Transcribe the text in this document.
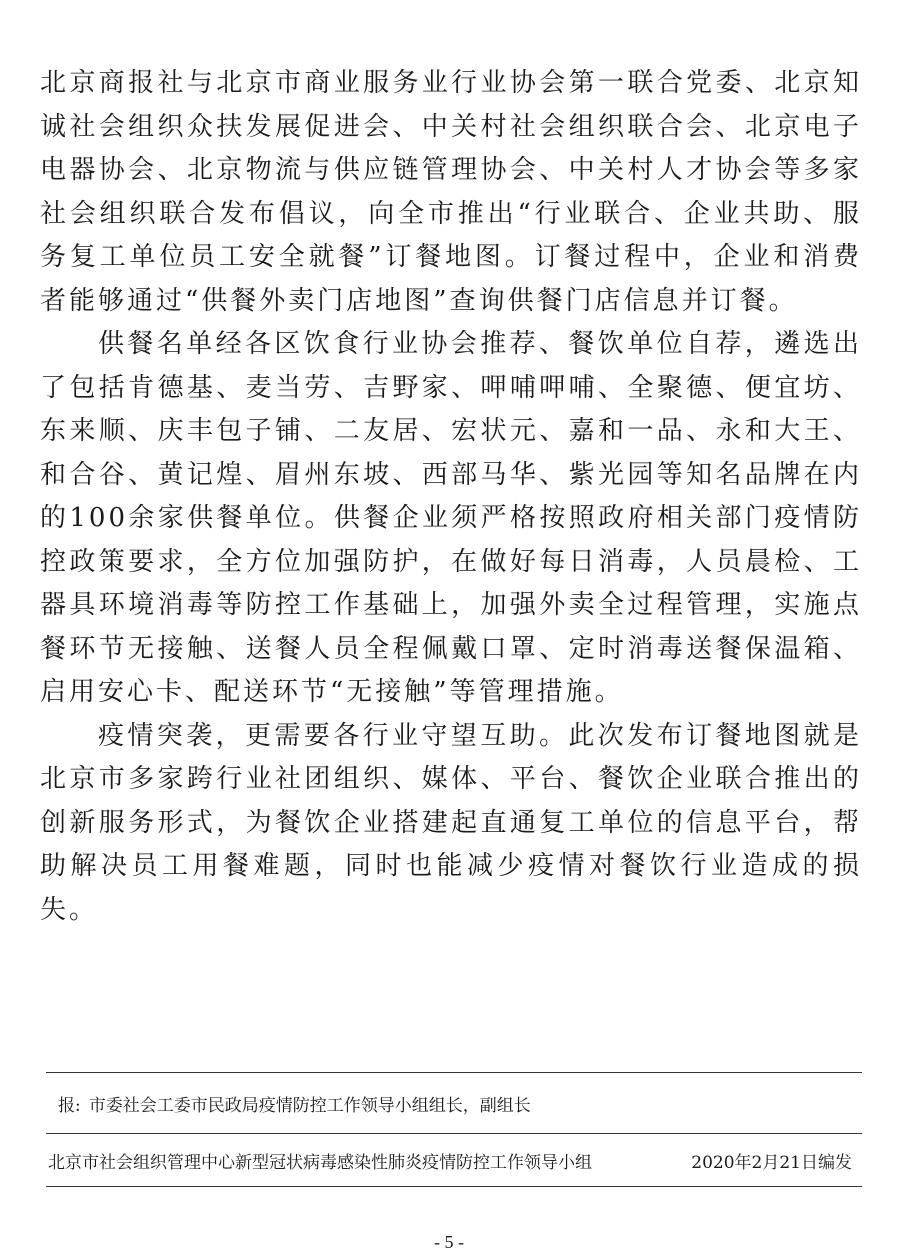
北京商报社与北京市商业服务业行业协会第一联合党委、北京知诚社会组织众扶发展促进会、中关村社会组织联合会、北京电子电器协会、北京物流与供应链管理协会、中关村人才协会等多家社会组织联合发布倡议，向全市推出“行业联合、企业共助、服务复工单位员工安全就餐”订餐地图。订餐过程中，企业和消费者能够通过“供餐外卖门店地图”查询供餐门店信息并订餐。

供餐名单经各区饮食行业协会推荐、餐饮单位自荐，遴选出了包括肯德基、麦当劳、吉野家、呷哺呷哺、全聚德、便宜坊、东来顺、庆丰包子铺、二友居、宏状元、嘉和一品、永和大王、和合谷、黄记煌、眉州东坡、西部马华、紫光园等知名品牌在内的100余家供餐单位。供餐企业须严格按照政府相关部门疫情防控政策要求，全方位加强防护，在做好每日消毒，人员晨检、工器具环境消毒等防控工作基础上，加强外卖全过程管理，实施点餐环节无接触、送餐人员全程佩戴口罩、定时消毒送餐保温箱、启用安心卡、配送环节“无接触”等管理措施。

疫情突袭，更需要各行业守望互助。此次发布订餐地图就是北京市多家跨行业社团组织、媒体、平台、餐饮企业联合推出的创新服务形式，为餐饮企业搭建起直通复工单位的信息平台，帮助解决员工用餐难题，同时也能减少疫情对餐饮行业造成的损失。

报: 市委社会工委市民政局疫情防控工作领导小组组长，副组长
北京市社会组织管理中心新型冠状病毒感染性肺炎疫情防控工作领导小组	2020年2月21日编发
- 5 -
